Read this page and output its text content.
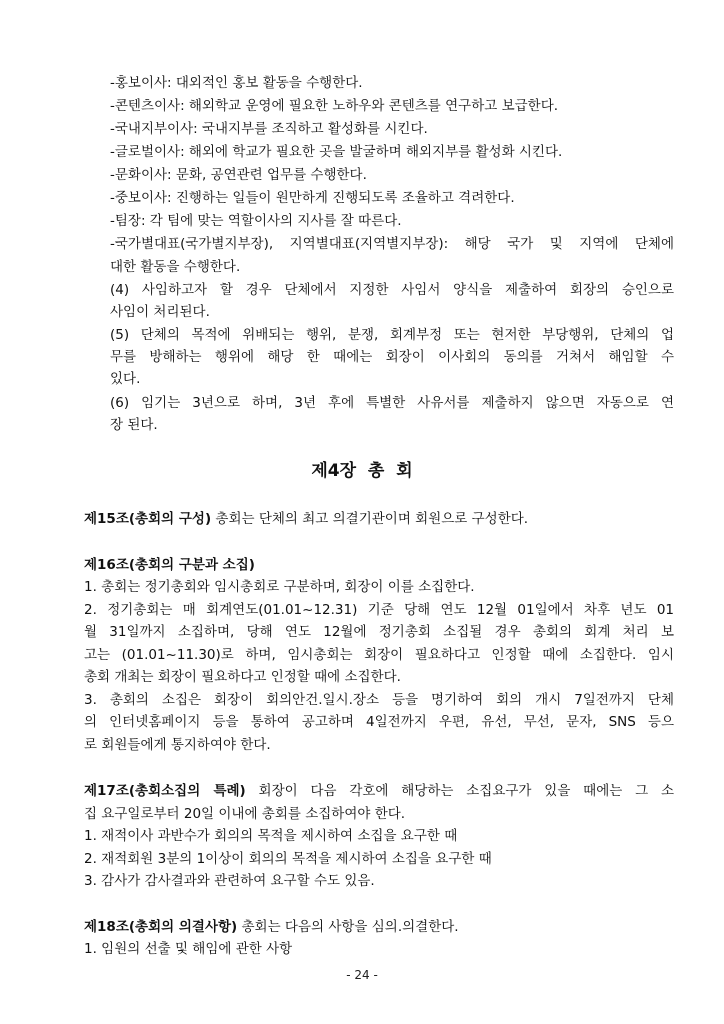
-홍보이사: 대외적인 홍보 활동을 수행한다.
-콘텐츠이사: 해외학교 운영에 필요한 노하우와 콘텐츠를 연구하고 보급한다.
-국내지부이사: 국내지부를 조직하고 활성화를 시킨다.
-글로벌이사: 해외에 학교가 필요한 곳을 발굴하며 해외지부를 활성화 시킨다.
-문화이사: 문화, 공연관련 업무를 수행한다.
-중보이사: 진행하는 일들이 원만하게 진행되도록 조율하고 격려한다.
-팀장: 각 팀에 맞는 역할이사의 지사를 잘 따른다.
-국가별대표(국가별지부장), 지역별대표(지역별지부장): 해당 국가 및 지역에 단체에
대한 활동을 수행한다.
(4) 사임하고자 할 경우 단체에서 지정한 사임서 양식을 제출하여 회장의 승인으로
사임이 처리된다.
(5) 단체의 목적에 위배되는 행위, 분쟁, 회계부정 또는 현저한 부당행위, 단체의 업
무를 방해하는 행위에 해당 한 때에는 회장이 이사회의 동의를 거쳐서 해임할 수
있다.
(6) 임기는 3년으로 하며, 3년 후에 특별한 사유서를 제출하지 않으면 자동으로 연
장 된다.
제4장 총 회
제15조(총회의 구성) 총회는 단체의 최고 의결기관이며 회원으로 구성한다.
제16조(총회의 구분과 소집)
1. 총회는 정기총회와 임시총회로 구분하며, 회장이 이를 소집한다.
2. 정기총회는 매 회계연도(01.01~12.31) 기준 당해 연도 12월 01일에서 차후 년도 01
월 31일까지 소집하며, 당해 연도 12월에 정기총회 소집될 경우 총회의 회계 처리 보
고는 (01.01~11.30)로 하며, 임시총회는 회장이 필요하다고 인정할 때에 소집한다. 임시
총회 개최는 회장이 필요하다고 인정할 때에 소집한다.
3. 총회의 소집은 회장이 회의안건.일시.장소 등을 명기하여 회의 개시 7일전까지 단체
의 인터넷홈페이지 등을 통하여 공고하며 4일전까지 우편, 유선, 무선, 문자, SNS 등으
로 회원들에게 통지하여야 한다.
제17조(총회소집의 특례) 회장이 다음 각호에 해당하는 소집요구가 있을 때에는 그 소
집 요구일로부터 20일 이내에 총회를 소집하여야 한다.
1. 재적이사 과반수가 회의의 목적을 제시하여 소집을 요구한 때
2. 재적회원 3분의 1이상이 회의의 목적을 제시하여 소집을 요구한 때
3. 감사가 감사결과와 관련하여 요구할 수도 있음.
제18조(총회의 의결사항) 총회는 다음의 사항을 심의.의결한다.
1. 임원의 선출 및 해임에 관한 사항
- 24 -
